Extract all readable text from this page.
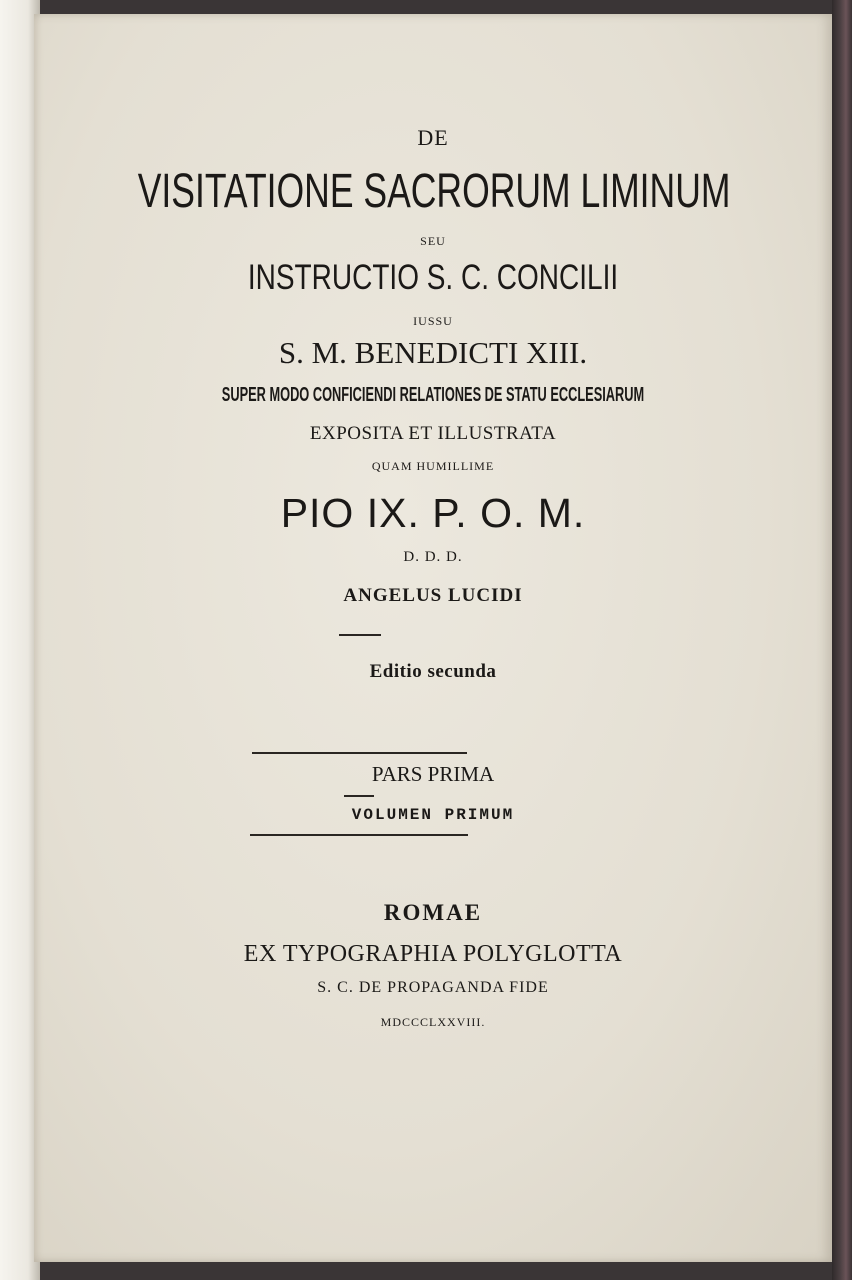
DE

VISITATIONE SACRORUM LIMINUM

SEU

INSTRUCTIO S. C. CONCILII

IUSSU

S. M. BENEDICTI XIII.

SUPER MODO CONFICIENDI RELATIONES DE STATU ECCLESIARUM

EXPOSITA ET ILLUSTRATA

QUAM HUMILLIME

PIO IX. P. O. M.

D. D. D.

ANGELUS LUCIDI

Editio secunda

PARS PRIMA

VOLUMEN PRIMUM

ROMAE

EX TYPOGRAPHIA POLYGLOTTA

S. C. DE PROPAGANDA FIDE

MDCCCLXXVIII.
